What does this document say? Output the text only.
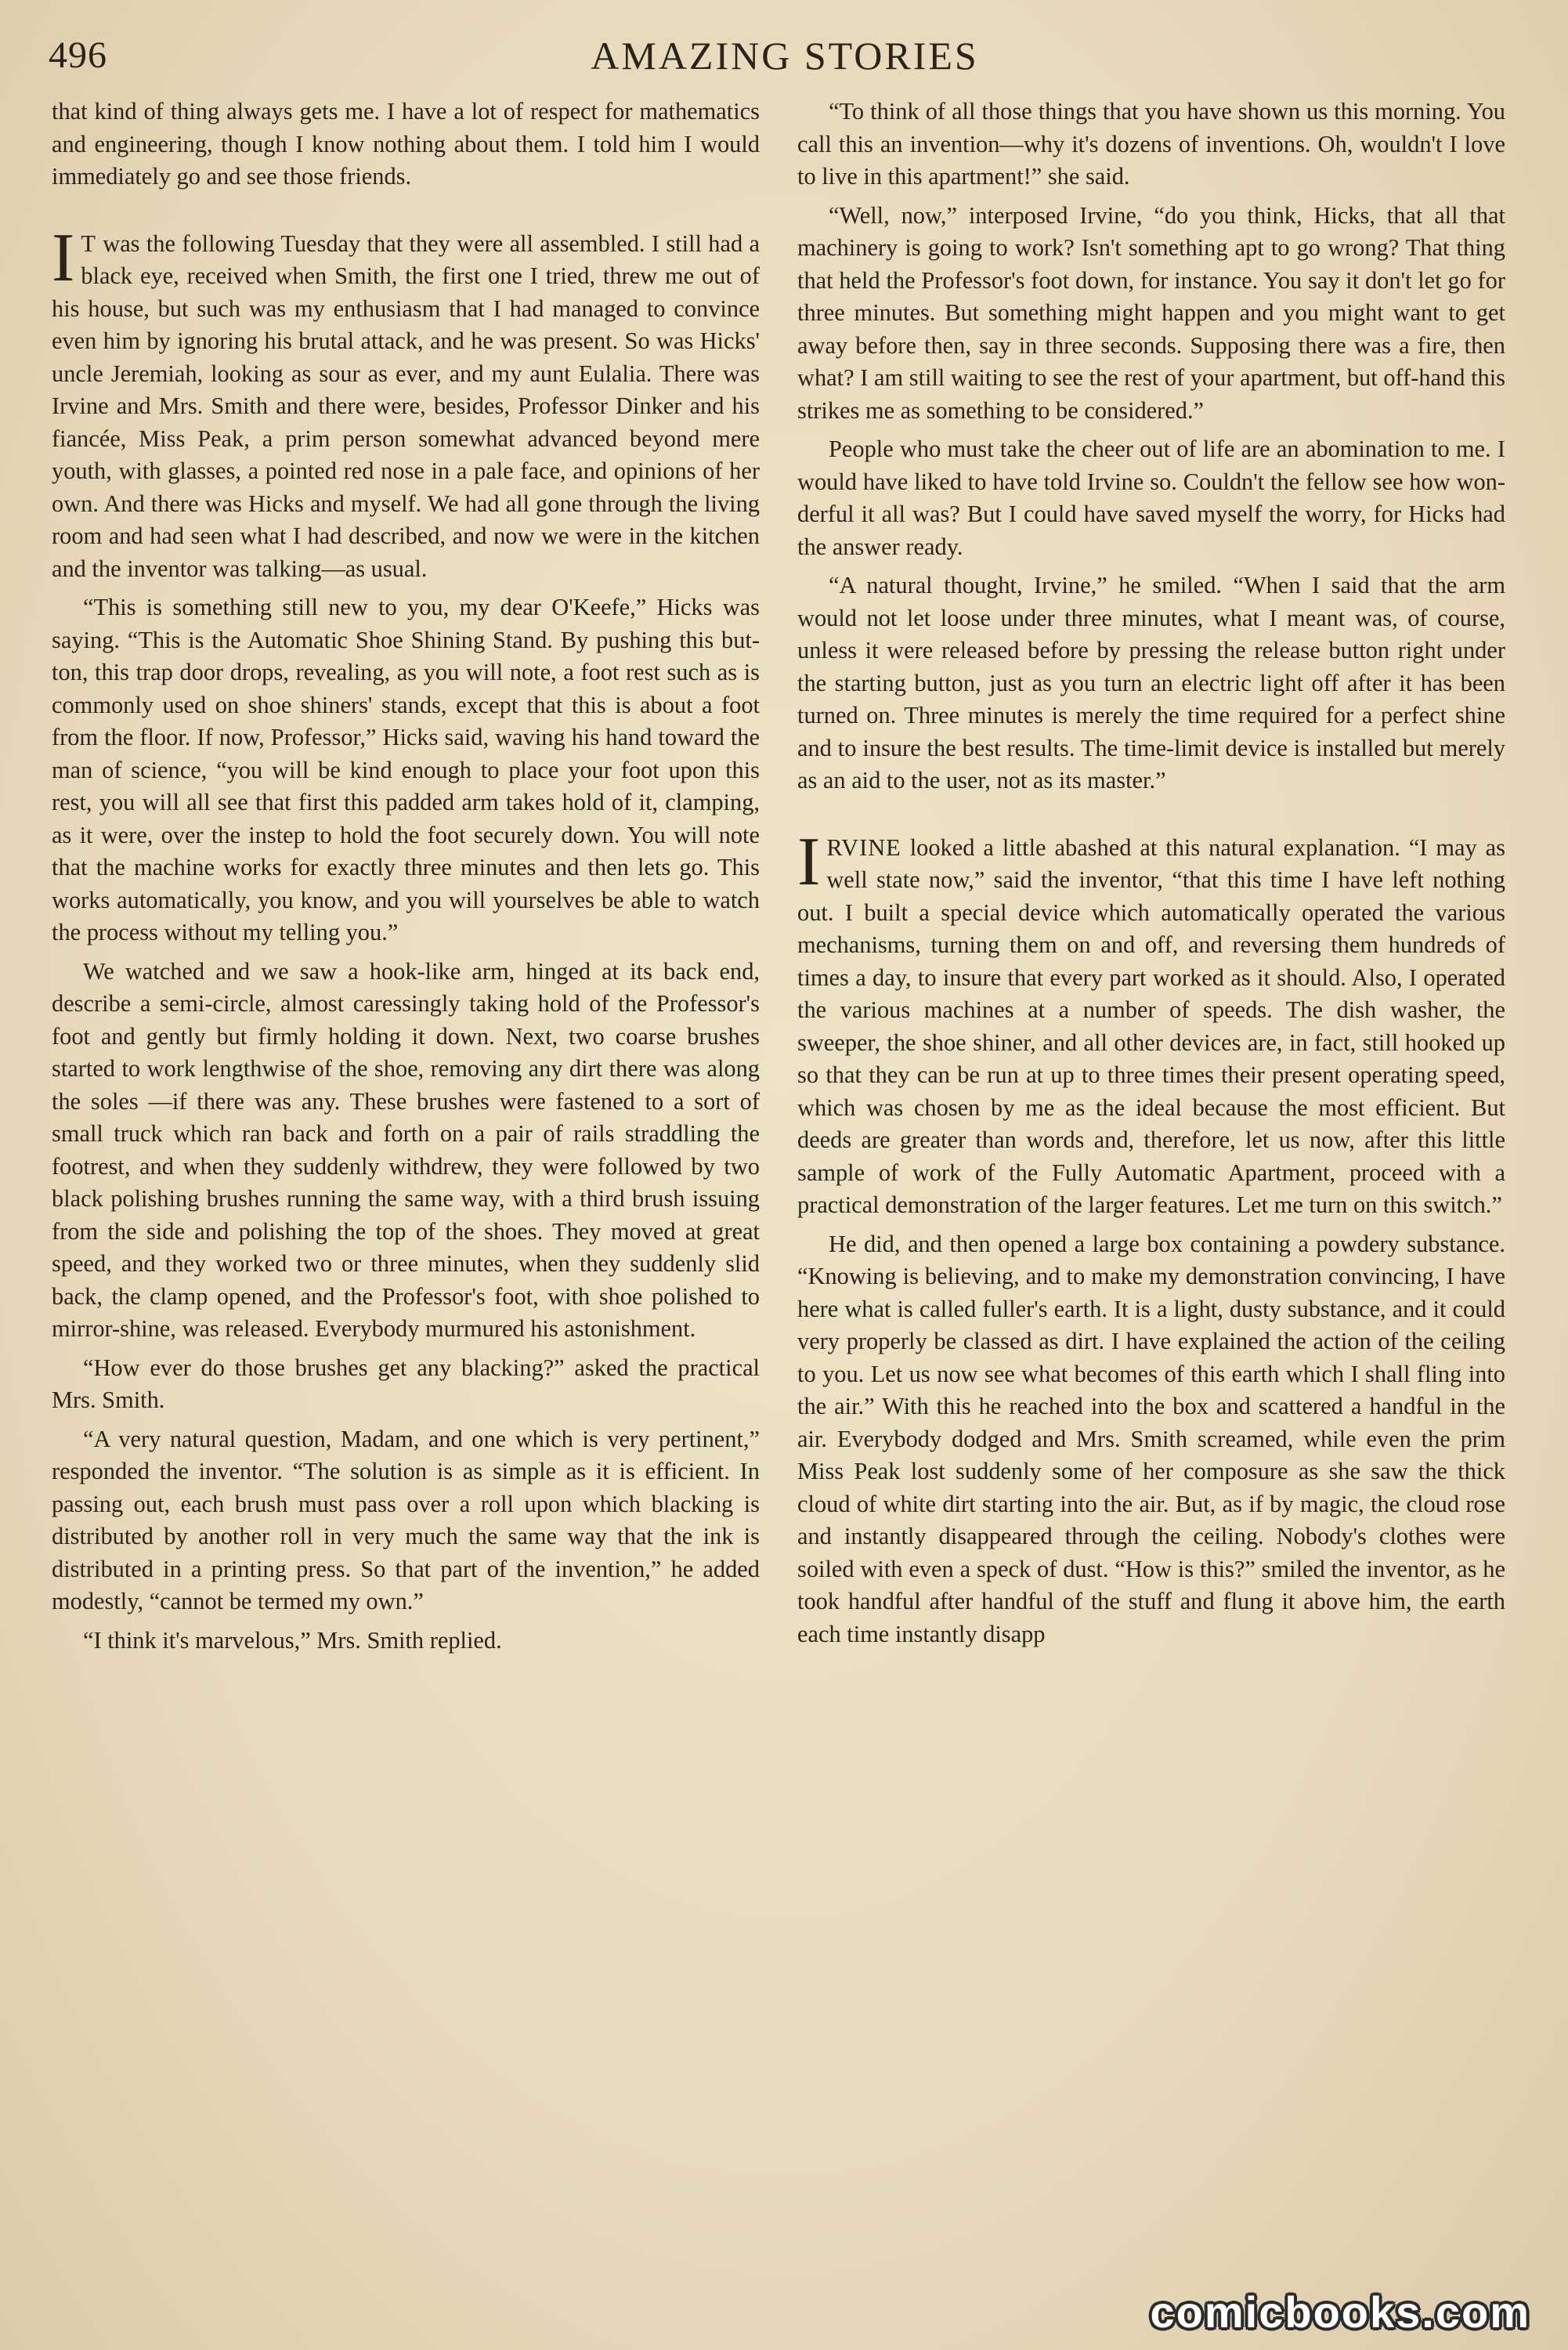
496	AMAZING STORIES

that kind of thing always gets me. I have a lot of respect for mathematics and engineering, though I know nothing about them. I told him I would immediately go and see those friends.

I T was the following Tuesday that they were all assembled. I still had a black eye, received when Smith, the first one I tried, threw me out of his house, but such was my enthusiasm that I had managed to convince even him by ignoring his brutal attack, and he was present. So was Hicks' uncle Jeremiah, looking as sour as ever, and my aunt Eulalia. There was Irvine and Mrs. Smith and there were, besides, Professor Dinker and his fiancée, Miss Peak, a prim person somewhat advanced beyond mere youth, with glasses, a pointed red nose in a pale face, and opinions of her own. And there was Hicks and myself. We had all gone through the living room and had seen what I had described, and now we were in the kitchen and the inventor was talking—as usual.

“This is something still new to you, my dear O'Keefe,” Hicks was saying. “This is the Automatic Shoe Shining Stand. By pushing this button, this trap door drops, revealing, as you will note, a foot rest such as is commonly used on shoe shiners' stands, except that this is about a foot from the floor. If now, Professor,” Hicks said, waving his hand toward the man of science, “you will be kind enough to place your foot upon this rest, you will all see that first this padded arm takes hold of it, clamping, as it were, over the instep to hold the foot securely down. You will note that the machine works for exactly three minutes and then lets go. This works automatically, you know, and you will yourselves be able to watch the process without my telling you.”

We watched and we saw a hook-like arm, hinged at its back end, describe a semi-circle, almost caressingly taking hold of the Professor's foot and gently but firmly holding it down. Next, two coarse brushes started to work lengthwise of the shoe, removing any dirt there was along the soles —if there was any. These brushes were fastened to a sort of small truck which ran back and forth on a pair of rails straddling the footrest, and when they suddenly withdrew, they were followed by two black polishing brushes running the same way, with a third brush issuing from the side and polishing the top of the shoes. They moved at great speed, and they worked two or three minutes, when they suddenly slid back, the clamp opened, and the Professor's foot, with shoe polished to mirror-shine, was released. Everybody murmured his astonishment.

“How ever do those brushes get any blacking?” asked the practical Mrs. Smith.

“A very natural question, Madam, and one which is very pertinent,” responded the inventor. “The solution is as simple as it is efficient. In passing out, each brush must pass over a roll upon which blacking is distributed by another roll in very much the same way that the ink is distributed in a printing press. So that part of the invention,” he added modestly, “cannot be termed my own.”

“I think it's marvelous,” Mrs. Smith replied.

“To think of all those things that you have shown us this morning. You call this an invention—why it's dozens of inventions. Oh, wouldn't I love to live in this apartment!” she said.

“Well, now,” interposed Irvine, “do you think, Hicks, that all that machinery is going to work? Isn't something apt to go wrong? That thing that held the Professor's foot down, for instance. You say it don't let go for three minutes. But something might happen and you might want to get away before then, say in three seconds. Supposing there was a fire, then what? I am still waiting to see the rest of your apartment, but off-hand this strikes me as something to be considered.”

People who must take the cheer out of life are an abomination to me. I would have liked to have told Irvine so. Couldn't the fellow see how wonderful it all was? But I could have saved myself the worry, for Hicks had the answer ready.

“A natural thought, Irvine,” he smiled. “When I said that the arm would not let loose under three minutes, what I meant was, of course, unless it were released before by pressing the release button right under the starting button, just as you turn an electric light off after it has been turned on. Three minutes is merely the time required for a perfect shine and to insure the best results. The time-limit device is installed but merely as an aid to the user, not as its master.”

IRVINE looked a little abashed at this natural explanation. “I may as well state now,” said the inventor, “that this time I have left nothing out. I built a special device which automatically operated the various mechanisms, turning them on and off, and reversing them hundreds of times a day, to insure that every part worked as it should. Also, I operated the various machines at a number of speeds. The dish washer, the sweeper, the shoe shiner, and all other devices are, in fact, still hooked up so that they can be run at up to three times their present operating speed, which was chosen by me as the ideal because the most efficient. But deeds are greater than words and, therefore, let us now, after this little sample of work of the Fully Automatic Apartment, proceed with a practical demonstration of the larger features. Let me turn on this switch.”

He did, and then opened a large box containing a powdery substance. “Knowing is believing, and to make my demonstration convincing, I have here what is called fuller's earth. It is a light, dusty substance, and it could very properly be classed as dirt. I have explained the action of the ceiling to you. Let us now see what becomes of this earth which I shall fling into the air.” With this he reached into the box and scattered a handful in the air. Everybody dodged and Mrs. Smith screamed, while even the prim Miss Peak lost suddenly some of her composure as she saw the thick cloud of white dirt starting into the air. But, as if by magic, the cloud rose and instantly disappeared through the ceiling. Nobody's clothes were soiled with even a speck of dust. “How is this?” smiled the inventor, as he took handful after handful of the stuff and flung it above him, the earth each time instantly disapp

comicbooks.com
